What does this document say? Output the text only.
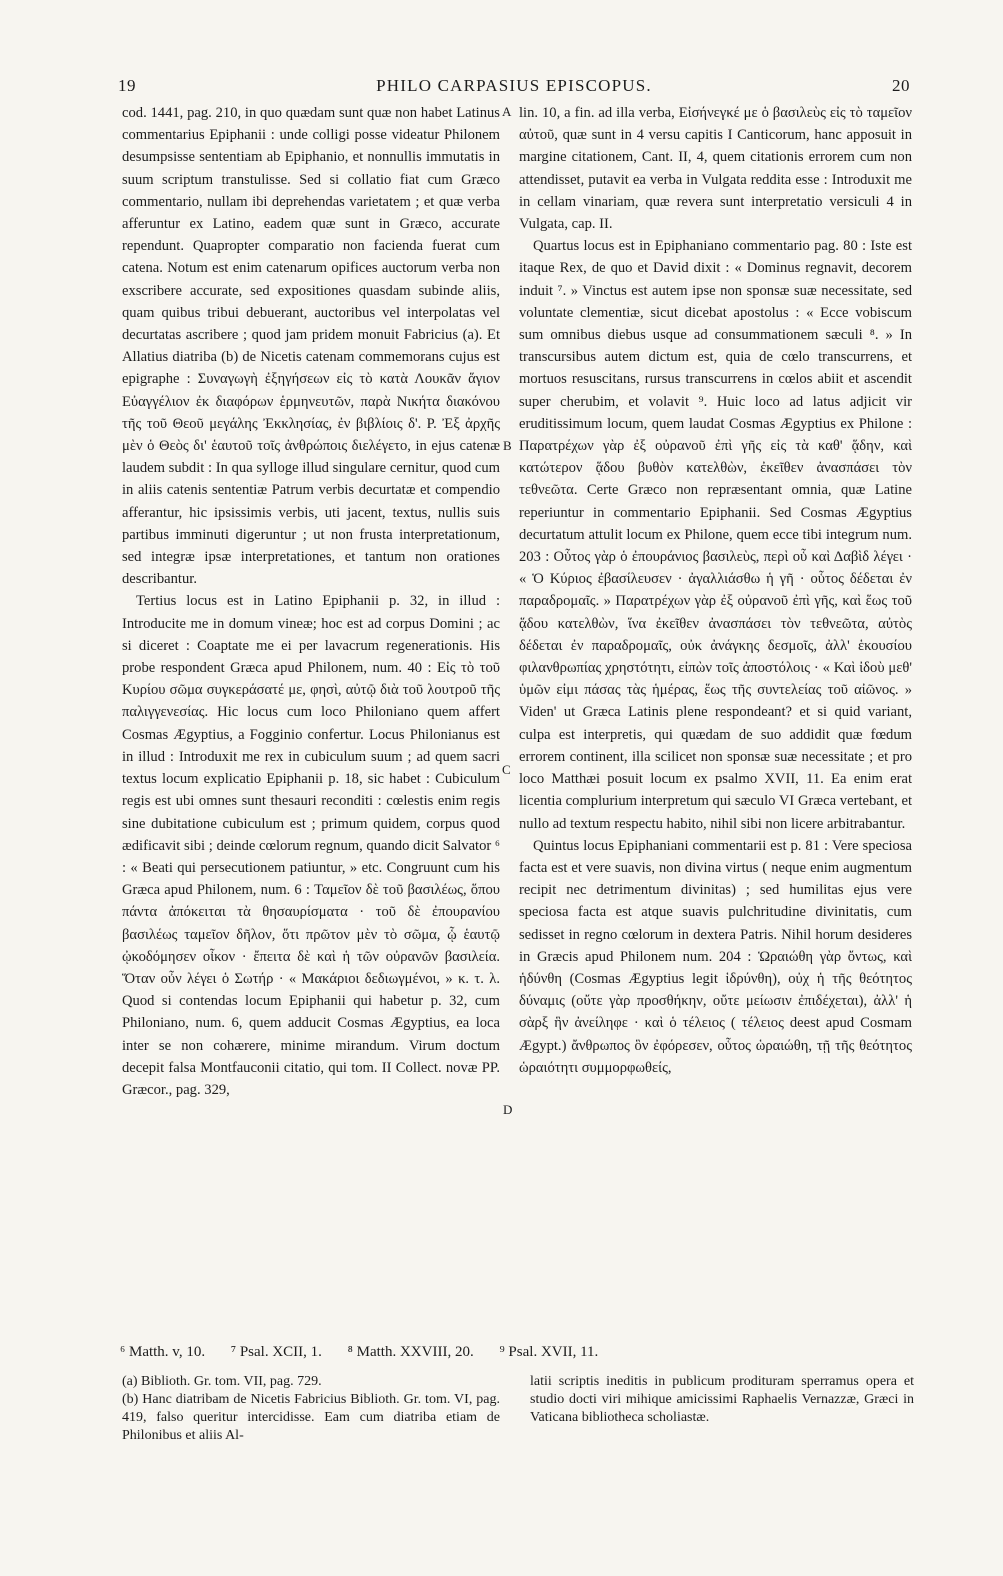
19	PHILO CARPASIUS EPISCOPUS.	20
A
B
C
D

cod. 1441, pag. 210, in quo quædam sunt quæ non habet Latinus commentarius Epiphanii : unde colligi posse videatur Philonem desumpsisse sententiam ab Epiphanio, et nonnullis immutatis in suum scriptum transtulisse. Sed si collatio fiat cum Græco commentario, nullam ibi deprehendas varietatem ; et quæ verba afferuntur ex Latino, eadem quæ sunt in Græco, accurate rependunt. Quapropter comparatio non facienda fuerat cum catena. Notum est enim catenarum opifices auctorum verba non exscribere accurate, sed expositiones quasdam subinde aliis, quam quibus tribui debuerant, auctoribus vel interpolatas vel decurtatas ascribere ; quod jam pridem monuit Fabricius (a). Et Allatius diatriba (b) de Nicetis catenam commemorans cujus est epigraphe : Συναγωγὴ ἐξηγήσεων εἰς τὸ κατὰ Λουκᾶν ἅγιον Εὐαγγέλιον ἐκ διαφόρων ἑρμηνευτῶν, παρὰ Νικήτα διακόνου τῆς τοῦ Θεοῦ μεγάλης Ἐκκλησίας, ἐν βιβλίοις δ'. P. Ἐξ ἀρχῆς μὲν ὁ Θεὸς δι' ἑαυτοῦ τοῖς ἀνθρώποις διελέγετο, in ejus catenæ laudem subdit : In qua sylloge illud singulare cernitur, quod cum in aliis catenis sententiæ Patrum verbis decurtatæ et compendio afferantur, hic ipsissimis verbis, uti jacent, textus, nullis suis partibus imminuti digeruntur ; ut non frusta interpretationum, sed integræ ipsæ interpretationes, et tantum non orationes describantur.

Tertius locus est in Latino Epiphanii p. 32, in illud : Introducite me in domum vineæ; hoc est ad corpus Domini ; ac si diceret : Coaptate me ei per lavacrum regenerationis. His probe respondent Græca apud Philonem, num. 40 : Εἰς τὸ τοῦ Κυρίου σῶμα συγκεράσατέ με, φησὶ, αὐτῷ διὰ τοῦ λουτροῦ τῆς παλιγγενεσίας. Hic locus cum loco Philoniano quem affert Cosmas Ægyptius, a Fogginio confertur. Locus Philonianus est in illud : Introduxit me rex in cubiculum suum ; ad quem sacri textus locum explicatio Epiphanii p. 18, sic habet : Cubiculum regis est ubi omnes sunt thesauri reconditi : cœlestis enim regis sine dubitatione cubiculum est ; primum quidem, corpus quod ædificavit sibi ; deinde cœlorum regnum, quando dicit Salvator ⁶ : « Beati qui persecutionem patiuntur, » etc. Congruunt cum his Græca apud Philonem, num. 6 : Ταμεῖον δὲ τοῦ βασιλέως, ὅπου πάντα ἀπόκειται τὰ θησαυρίσματα · τοῦ δὲ ἐπουρανίου βασιλέως ταμεῖον δῆλον, ὅτι πρῶτον μὲν τὸ σῶμα, ᾧ ἑαυτῷ ᾠκοδόμησεν οἶκον · ἔπειτα δὲ καὶ ἡ τῶν οὐρανῶν βασιλεία. Ὅταν οὖν λέγει ὁ Σωτήρ · « Μακάριοι δεδιωγμένοι, » κ. τ. λ. Quod si contendas locum Epiphanii qui habetur p. 32, cum Philoniano, num. 6, quem adducit Cosmas Ægyptius, ea loca inter se non cohærere, minime mirandum. Virum doctum decepit falsa Montfauconii citatio, qui tom. II Collect. novæ PP. Græcor., pag. 329,

lin. 10, a fin. ad illa verba, Εἰσήνεγκέ με ὁ βασιλεὺς εἰς τὸ ταμεῖον αὐτοῦ, quæ sunt in 4 versu capitis I Canticorum, hanc apposuit in margine citationem, Cant. II, 4, quem citationis errorem cum non attendisset, putavit ea verba in Vulgata reddita esse : Introduxit me in cellam vinariam, quæ revera sunt interpretatio versiculi 4 in Vulgata, cap. II.

Quartus locus est in Epiphaniano commentario pag. 80 : Iste est itaque Rex, de quo et David dixit : « Dominus regnavit, decorem induit ⁷. » Vinctus est autem ipse non sponsæ suæ necessitate, sed voluntate clementiæ, sicut dicebat apostolus : « Ecce vobiscum sum omnibus diebus usque ad consummationem sæculi ⁸. » In transcursibus autem dictum est, quia de cœlo transcurrens, et mortuos resuscitans, rursus transcurrens in cœlos abiit et ascendit super cherubim, et volavit ⁹. Huic loco ad latus adjicit vir eruditissimum locum, quem laudat Cosmas Ægyptius ex Philone : Παρατρέχων γὰρ ἐξ οὐρανοῦ ἐπὶ γῆς εἰς τὰ καθ' ᾅδην, καὶ κατώτερον ᾅδου βυθὸν κατελθὼν, ἐκεῖθεν ἀνασπάσει τὸν τεθνεῶτα. Certe Græco non repræsentant omnia, quæ Latine reperiuntur in commentario Epiphanii. Sed Cosmas Ægyptius decurtatum attulit locum ex Philone, quem ecce tibi integrum num. 203 : Οὗτος γὰρ ὁ ἐπουράνιος βασιλεὺς, περὶ οὗ καὶ Δαβὶδ λέγει · « Ὁ Κύριος ἐβασίλευσεν · ἀγαλλιάσθω ἡ γῆ · οὗτος δέδεται ἐν παραδρομαῖς. » Παρατρέχων γὰρ ἐξ οὐρανοῦ ἐπὶ γῆς, καὶ ἕως τοῦ ᾅδου κατελθὼν, ἵνα ἐκεῖθεν ἀνασπάσει τὸν τεθνεῶτα, αὐτὸς δέδεται ἐν παραδρομαῖς, οὐκ ἀνάγκης δεσμοῖς, ἀλλ' ἑκουσίου φιλανθρωπίας χρηστότητι, εἰπὼν τοῖς ἀποστόλοις · « Καὶ ἰδοὺ μεθ' ὑμῶν εἰμι πάσας τὰς ἡμέρας, ἕως τῆς συντελείας τοῦ αἰῶνος. » Viden' ut Græca Latinis plene respondeant? et si quid variant, culpa est interpretis, qui quædam de suo addidit quæ fœdum errorem continent, illa scilicet non sponsæ suæ necessitate ; et pro loco Matthæi posuit locum ex psalmo XVII, 11. Ea enim erat licentia complurium interpretum qui sæculo VI Græca vertebant, et nullo ad textum respectu habito, nihil sibi non licere arbitrabantur.

Quintus locus Epiphaniani commentarii est p. 81 : Vere speciosa facta est et vere suavis, non divina virtus ( neque enim augmentum recipit nec detrimentum divinitas) ; sed humilitas ejus vere speciosa facta est atque suavis pulchritudine divinitatis, cum sedisset in regno cœlorum in dextera Patris. Nihil horum desideres in Græcis apud Philonem num. 204 : Ὡραιώθη γὰρ ὄντως, καὶ ἡδύνθη (Cosmas Ægyptius legit ἱδρύνθη), οὐχ ἡ τῆς θεότητος δύναμις (οὔτε γὰρ προσθήκην, οὔτε μείωσιν ἐπιδέχεται), ἀλλ' ἡ σὰρξ ἣν ἀνείληφε · καὶ ὁ τέλειος ( τέλειος deest apud Cosmam Ægypt.) ἄνθρωπος ὃν ἐφόρεσεν, οὗτος ὡραιώθη, τῇ τῆς θεότητος ὡραιότητι συμμορφωθείς,

⁶ Matth. v, 10. ⁷ Psal. XCII, 1. ⁸ Matth. XXVIII, 20. ⁹ Psal. XVII, 11.

(a) Biblioth. Gr. tom. VII, pag. 729.

(b) Hanc diatribam de Nicetis Fabricius Biblioth. Gr. tom. VI, pag. 419, falso queritur intercidisse. Eam cum diatriba etiam de Philonibus et aliis Al-

latii scriptis ineditis in publicum prodituram sperramus opera et studio docti viri mihique amicissimi Raphaelis Vernazzæ, Græci in Vaticana bibliotheca scholiastæ.
